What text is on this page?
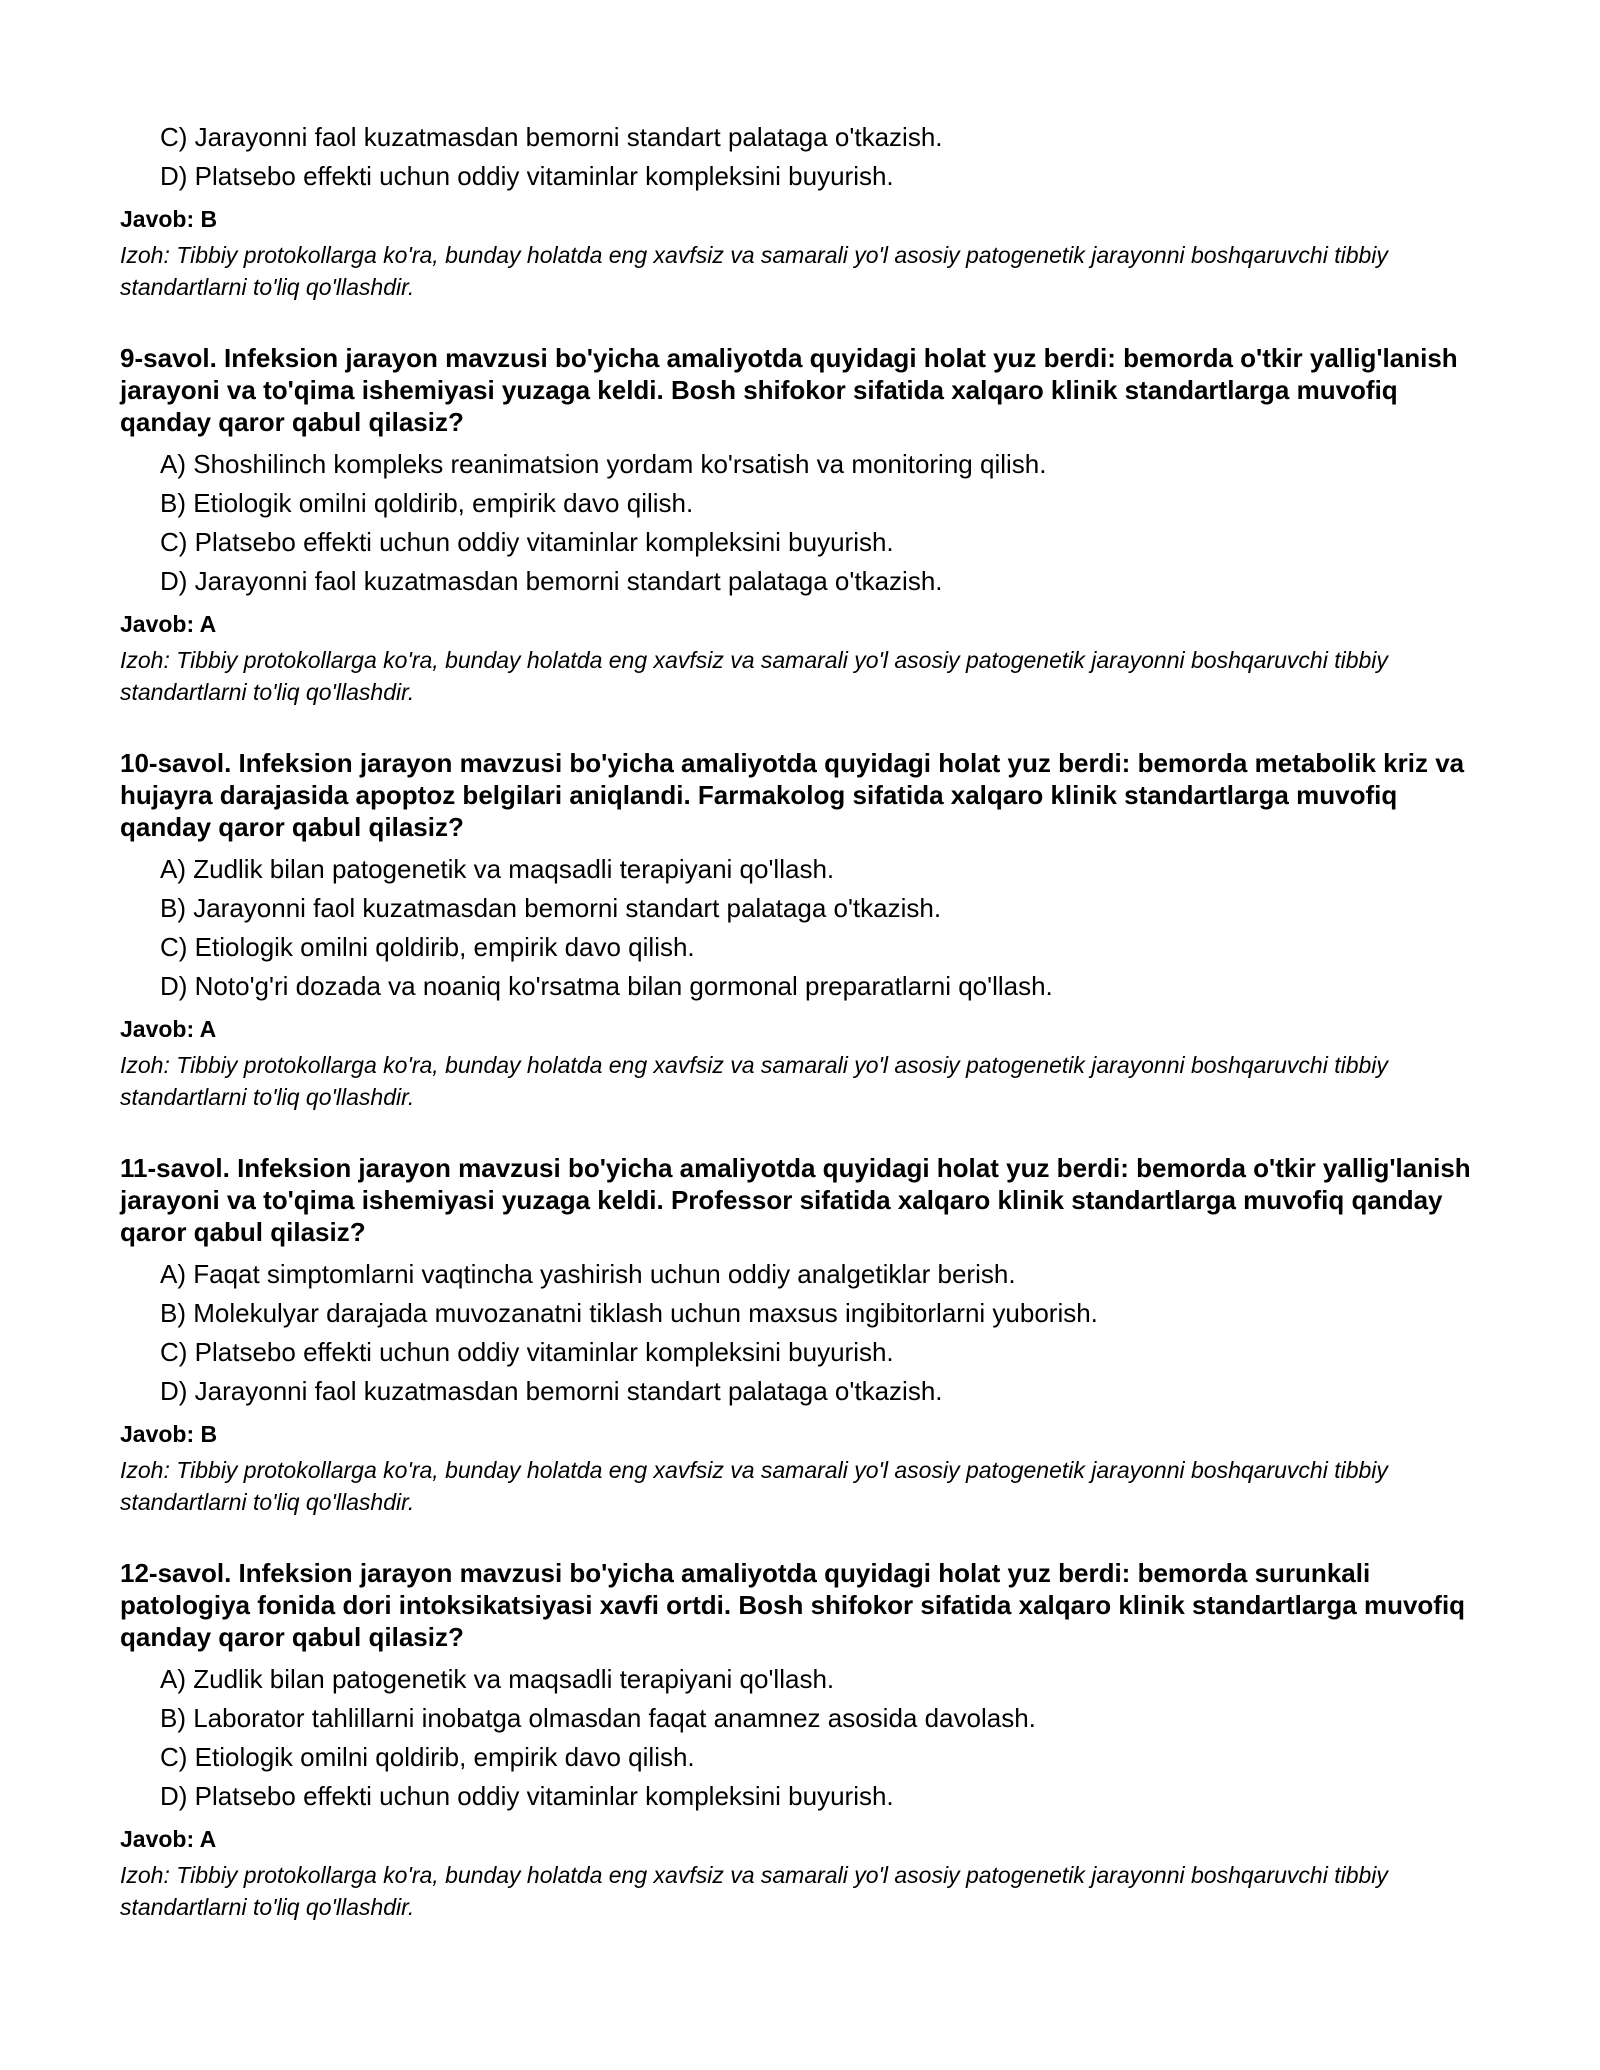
C) Jarayonni faol kuzatmasdan bemorni standart palataga o'tkazish.
D) Platsebo effekti uchun oddiy vitaminlar kompleksini buyurish.
Javob: B
Izoh: Tibbiy protokollarga ko'ra, bunday holatda eng xavfsiz va samarali yo'l asosiy patogenetik jarayonni boshqaruvchi tibbiy standartlarni to'liq qo'llashdir.
9-savol. Infeksion jarayon mavzusi bo'yicha amaliyotda quyidagi holat yuz berdi: bemorda o'tkir yallig'lanish jarayoni va to'qima ishemiyasi yuzaga keldi. Bosh shifokor sifatida xalqaro klinik standartlarga muvofiq qanday qaror qabul qilasiz?
A) Shoshilinch kompleks reanimatsion yordam ko'rsatish va monitoring qilish.
B) Etiologik omilni qoldirib, empirik davo qilish.
C) Platsebo effekti uchun oddiy vitaminlar kompleksini buyurish.
D) Jarayonni faol kuzatmasdan bemorni standart palataga o'tkazish.
Javob: A
Izoh: Tibbiy protokollarga ko'ra, bunday holatda eng xavfsiz va samarali yo'l asosiy patogenetik jarayonni boshqaruvchi tibbiy standartlarni to'liq qo'llashdir.
10-savol. Infeksion jarayon mavzusi bo'yicha amaliyotda quyidagi holat yuz berdi: bemorda metabolik kriz va hujayra darajasida apoptoz belgilari aniqlandi. Farmakolog sifatida xalqaro klinik standartlarga muvofiq qanday qaror qabul qilasiz?
A) Zudlik bilan patogenetik va maqsadli terapiyani qo'llash.
B) Jarayonni faol kuzatmasdan bemorni standart palataga o'tkazish.
C) Etiologik omilni qoldirib, empirik davo qilish.
D) Noto'g'ri dozada va noaniq ko'rsatma bilan gormonal preparatlarni qo'llash.
Javob: A
Izoh: Tibbiy protokollarga ko'ra, bunday holatda eng xavfsiz va samarali yo'l asosiy patogenetik jarayonni boshqaruvchi tibbiy standartlarni to'liq qo'llashdir.
11-savol. Infeksion jarayon mavzusi bo'yicha amaliyotda quyidagi holat yuz berdi: bemorda o'tkir yallig'lanish jarayoni va to'qima ishemiyasi yuzaga keldi. Professor sifatida xalqaro klinik standartlarga muvofiq qanday qaror qabul qilasiz?
A) Faqat simptomlarni vaqtincha yashirish uchun oddiy analgetiklar berish.
B) Molekulyar darajada muvozanatni tiklash uchun maxsus ingibitorlarni yuborish.
C) Platsebo effekti uchun oddiy vitaminlar kompleksini buyurish.
D) Jarayonni faol kuzatmasdan bemorni standart palataga o'tkazish.
Javob: B
Izoh: Tibbiy protokollarga ko'ra, bunday holatda eng xavfsiz va samarali yo'l asosiy patogenetik jarayonni boshqaruvchi tibbiy standartlarni to'liq qo'llashdir.
12-savol. Infeksion jarayon mavzusi bo'yicha amaliyotda quyidagi holat yuz berdi: bemorda surunkali patologiya fonida dori intoksikatsiyasi xavfi ortdi. Bosh shifokor sifatida xalqaro klinik standartlarga muvofiq qanday qaror qabul qilasiz?
A) Zudlik bilan patogenetik va maqsadli terapiyani qo'llash.
B) Laborator tahlillarni inobatga olmasdan faqat anamnez asosida davolash.
C) Etiologik omilni qoldirib, empirik davo qilish.
D) Platsebo effekti uchun oddiy vitaminlar kompleksini buyurish.
Javob: A
Izoh: Tibbiy protokollarga ko'ra, bunday holatda eng xavfsiz va samarali yo'l asosiy patogenetik jarayonni boshqaruvchi tibbiy standartlarni to'liq qo'llashdir.
